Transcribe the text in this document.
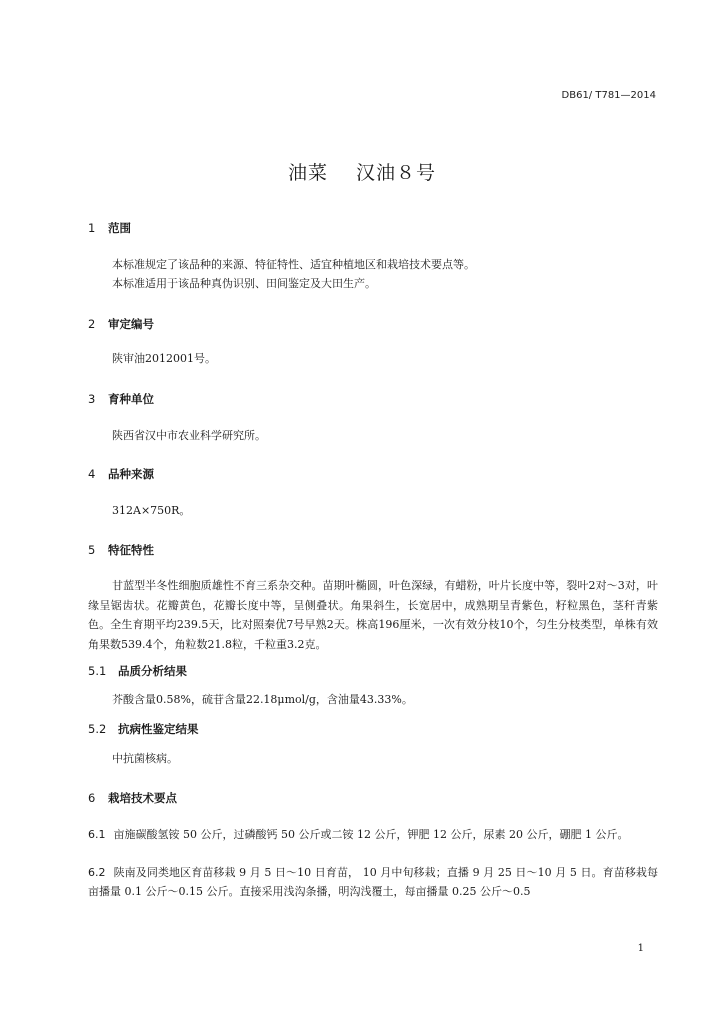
DB61/ T781—2014
油菜 汉油８号
1 范围
本标准规定了该品种的来源、特征特性、适宜种植地区和栽培技术要点等。
本标准适用于该品种真伪识别、田间鉴定及大田生产。
2 审定编号
陕审油2012001号。
3 育种单位
陕西省汉中市农业科学研究所。
4 品种来源
312A×750R。
5 特征特性
甘蓝型半冬性细胞质雄性不育三系杂交种。苗期叶椭圆，叶色深绿，有蜡粉，叶片长度中等，裂叶2对～3对，叶缘呈锯齿状。花瓣黄色，花瓣长度中等，呈侧叠状。角果斜生，长宽居中，成熟期呈青紫色，籽粒黑色，茎秆青紫色。全生育期平均239.5天，比对照秦优7号早熟2天。株高196厘米，一次有效分枝10个，匀生分枝类型，单株有效角果数539.4个，角粒数21.8粒，千粒重3.2克。
5.1 品质分析结果
芥酸含量0.58%，硫苷含量22.18μmol/g，含油量43.33%。
5.2 抗病性鉴定结果
中抗菌核病。
6 栽培技术要点
6.1 亩施碳酸氢铵 50 公斤，过磷酸钙 50 公斤或二铵 12 公斤，钾肥 12 公斤，尿素 20 公斤，硼肥 1 公斤。
6.2 陕南及同类地区育苗移栽 9 月 5 日～10 日育苗， 10 月中旬移栽；直播 9 月 25 日～10 月 5 日。育苗移栽每亩播量 0.1 公斤～0.15 公斤。直接采用浅沟条播，明沟浅覆土，每亩播量 0.25 公斤～0.5
1
